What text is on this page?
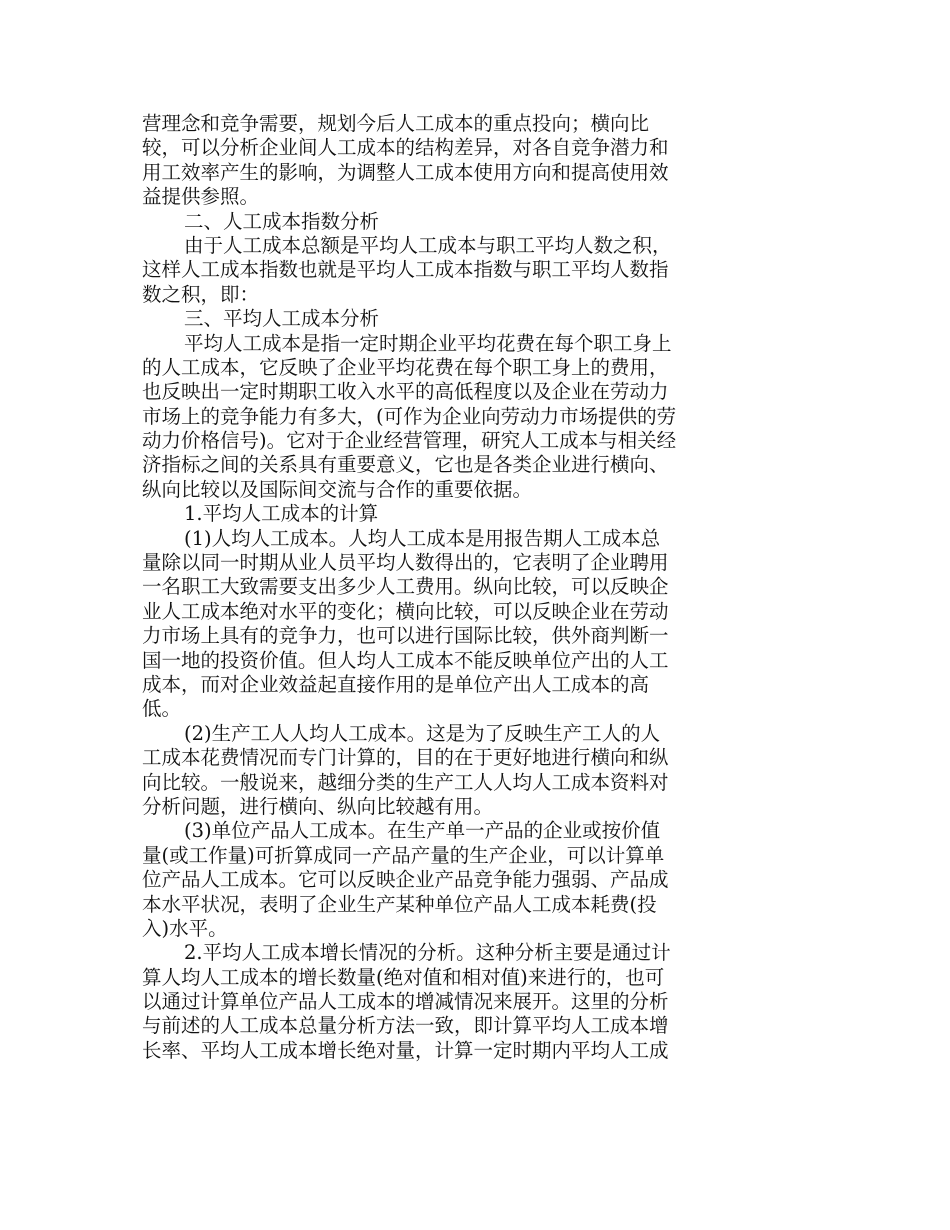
营理念和竞争需要，规划今后人工成本的重点投向；横向比
较，可以分析企业间人工成本的结构差异，对各自竞争潜力和
用工效率产生的影响，为调整人工成本使用方向和提高使用效
益提供参照。
二、人工成本指数分析
由于人工成本总额是平均人工成本与职工平均人数之积，
这样人工成本指数也就是平均人工成本指数与职工平均人数指
数之积，即：
三、平均人工成本分析
平均人工成本是指一定时期企业平均花费在每个职工身上
的人工成本，它反映了企业平均花费在每个职工身上的费用，
也反映出一定时期职工收入水平的高低程度以及企业在劳动力
市场上的竞争能力有多大，(可作为企业向劳动力市场提供的劳
动力价格信号)。它对于企业经营管理，研究人工成本与相关经
济指标之间的关系具有重要意义，它也是各类企业进行横向、
纵向比较以及国际间交流与合作的重要依据。
1.平均人工成本的计算
(1)人均人工成本。人均人工成本是用报告期人工成本总
量除以同一时期从业人员平均人数得出的，它表明了企业聘用
一名职工大致需要支出多少人工费用。纵向比较，可以反映企
业人工成本绝对水平的变化；横向比较，可以反映企业在劳动
力市场上具有的竞争力，也可以进行国际比较，供外商判断一
国一地的投资价值。但人均人工成本不能反映单位产出的人工
成本，而对企业效益起直接作用的是单位产出人工成本的高
低。
(2)生产工人人均人工成本。这是为了反映生产工人的人
工成本花费情况而专门计算的，目的在于更好地进行横向和纵
向比较。一般说来，越细分类的生产工人人均人工成本资料对
分析问题，进行横向、纵向比较越有用。
(3)单位产品人工成本。在生产单一产品的企业或按价值
量(或工作量)可折算成同一产品产量的生产企业，可以计算单
位产品人工成本。它可以反映企业产品竞争能力强弱、产品成
本水平状况，表明了企业生产某种单位产品人工成本耗费(投
入)水平。
2.平均人工成本增长情况的分析。这种分析主要是通过计
算人均人工成本的增长数量(绝对值和相对值)来进行的，也可
以通过计算单位产品人工成本的增减情况来展开。这里的分析
与前述的人工成本总量分析方法一致，即计算平均人工成本增
长率、平均人工成本增长绝对量，计算一定时期内平均人工成
